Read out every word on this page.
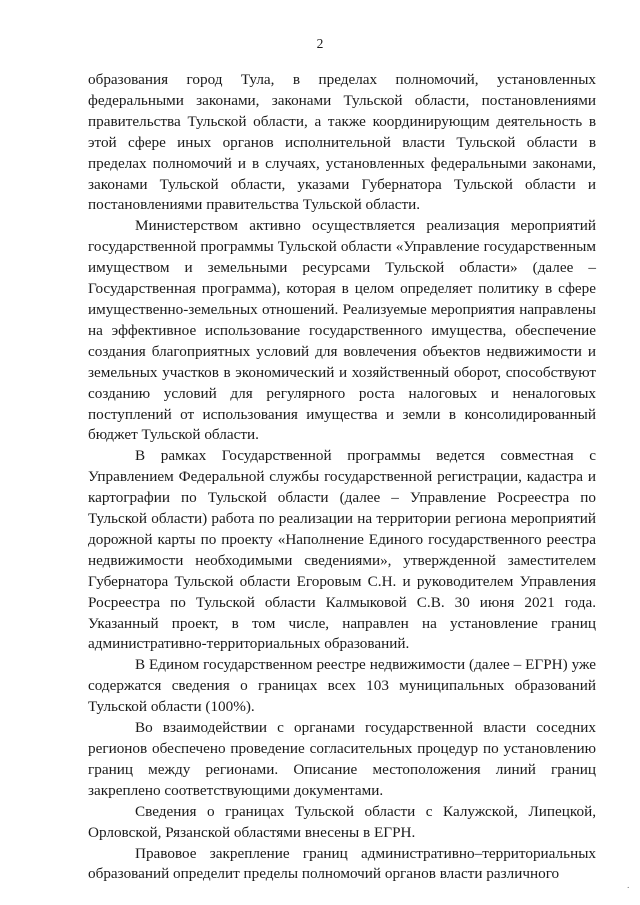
2

образования город Тула, в пределах полномочий, установленных федеральными законами, законами Тульской области, постановлениями правительства Тульской области, а также координирующим деятельность в этой сфере иных органов исполнительной власти Тульской области в пределах полномочий и в случаях, установленных федеральными законами, законами Тульской области, указами Губернатора Тульской области и постановлениями правительства Тульской области.

Министерством активно осуществляется реализация мероприятий государственной программы Тульской области «Управление государственным имуществом и земельными ресурсами Тульской области» (далее – Государственная программа), которая в целом определяет политику в сфере имущественно-земельных отношений. Реализуемые мероприятия направлены на эффективное использование государственного имущества, обеспечение создания благоприятных условий для вовлечения объектов недвижимости и земельных участков в экономический и хозяйственный оборот, способствуют созданию условий для регулярного роста налоговых и неналоговых поступлений от использования имущества и земли в консолидированный бюджет Тульской области.

В рамках Государственной программы ведется совместная с Управлением Федеральной службы государственной регистрации, кадастра и картографии по Тульской области (далее – Управление Росреестра по Тульской области) работа по реализации на территории региона мероприятий дорожной карты по проекту «Наполнение Единого государственного реестра недвижимости необходимыми сведениями», утвержденной заместителем Губернатора Тульской области Егоровым С.Н. и руководителем Управления Росреестра по Тульской области Калмыковой С.В. 30 июня 2021 года. Указанный проект, в том числе, направлен на установление границ административно-территориальных образований.

В Едином государственном реестре недвижимости (далее – ЕГРН) уже содержатся сведения о границах всех 103 муниципальных образований Тульской области (100%).

Во взаимодействии с органами государственной власти соседних регионов обеспечено проведение согласительных процедур по установлению границ между регионами. Описание местоположения линий границ закреплено соответствующими документами.

Сведения о границах Тульской области с Калужской, Липецкой, Орловской, Рязанской областями внесены в ЕГРН.

Правовое закрепление границ административно–территориальных образований определит пределы полномочий органов власти различного

˙
